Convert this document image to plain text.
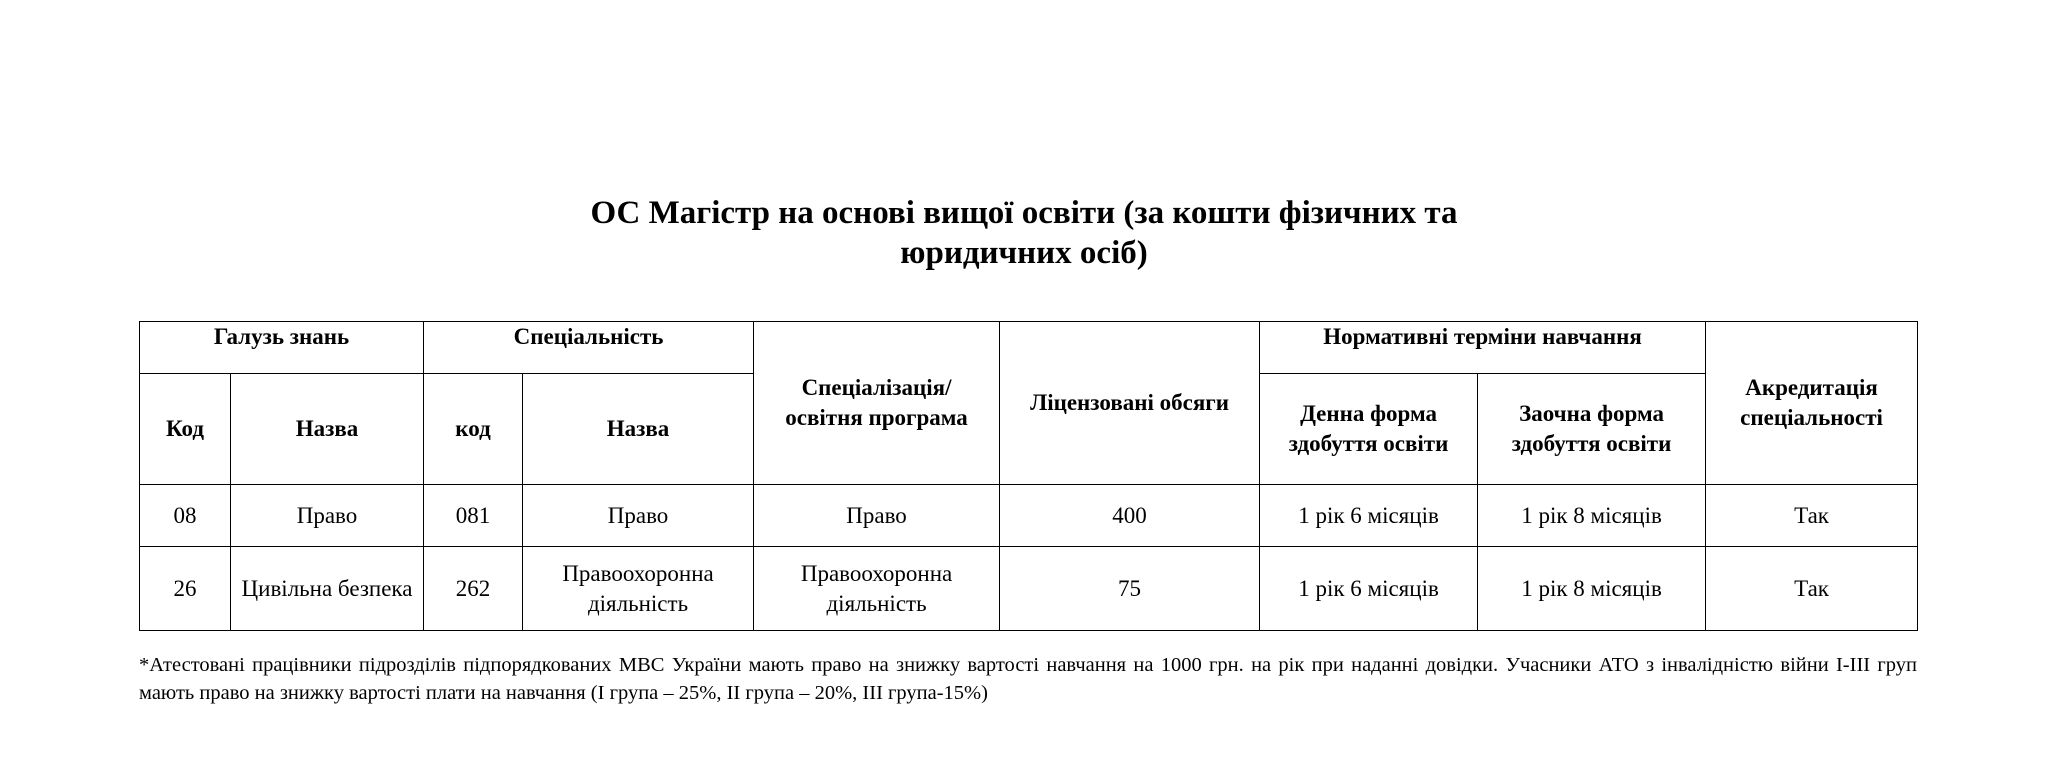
ОС Магістр на основі вищої освіти (за кошти фізичних та
юридичних осіб)
Галузь знань		Спеціальність		Спеціалізація/ освітня програма	Ліцензовані обсяги	Нормативні терміни навчання		Акредитація спеціальності
Код	Назва	код	Назва			Денна форма здобуття освіти	Заочна форма здобуття освіти	
08	Право	081	Право	Право	400	1 рік 6 місяців	1 рік 8 місяців	Так
26	Цивільна безпека	262	Правоохоронна діяльність	Правоохоронна діяльність	75	1 рік 6 місяців	1 рік 8 місяців	Так
*Атестовані працівники підрозділів підпорядкованих МВС України мають право на знижку вартості навчання на 1000 грн. на рік при наданні довідки. Учасники АТО з інвалідністю війни I-III груп мають право на знижку вартості плати на навчання (I група – 25%, II група – 20%, III група-15%)
